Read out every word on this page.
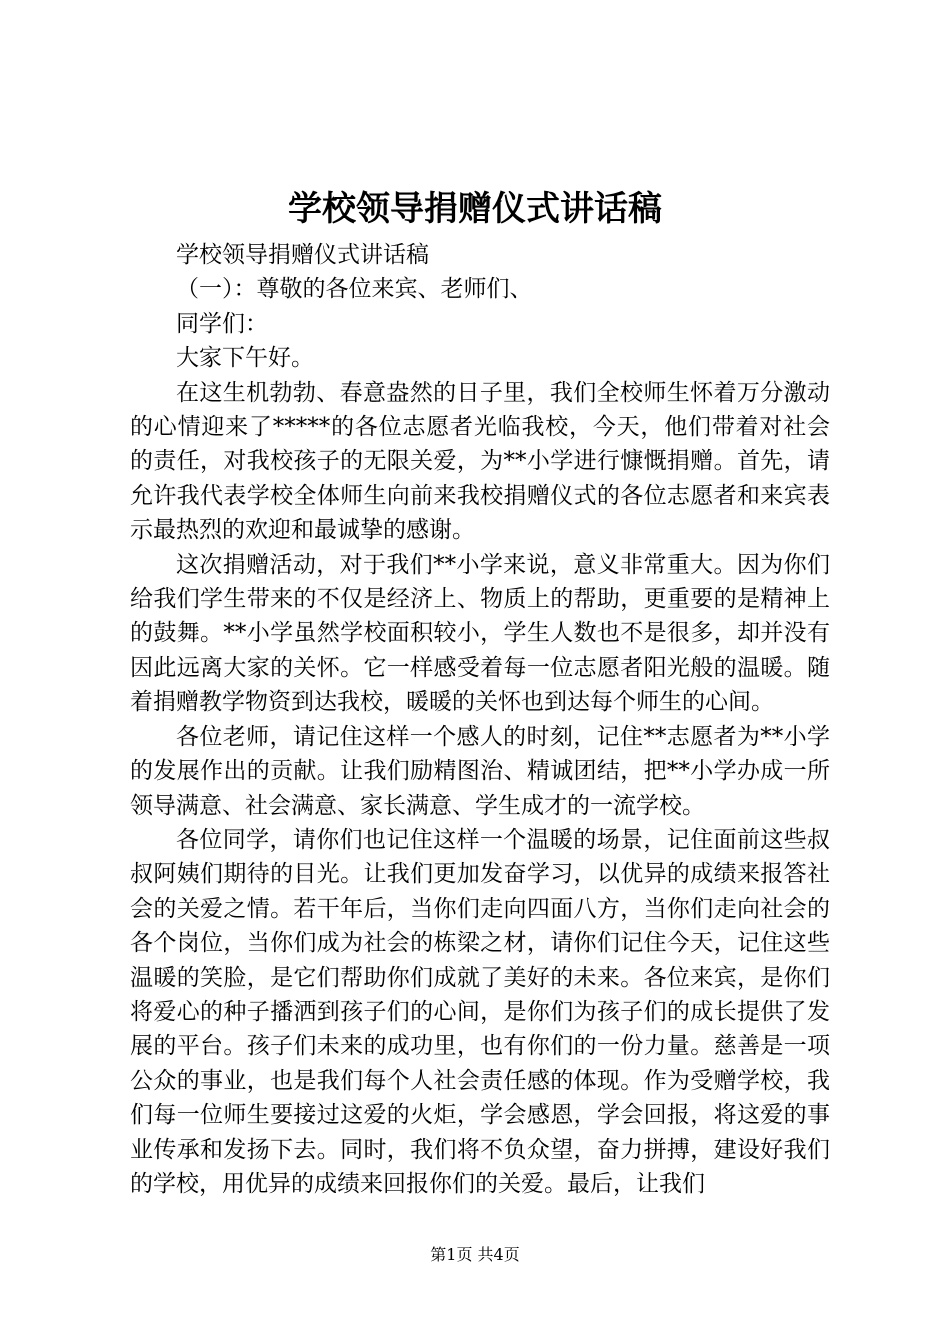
学校领导捐赠仪式讲话稿

学校领导捐赠仪式讲话稿

（一）：尊敬的各位来宾、老师们、

同学们：

大家下午好。

在这生机勃勃、春意盎然的日子里，我们全校师生怀着万分激动的心情迎来了*****的各位志愿者光临我校，今天，他们带着对社会的责任，对我校孩子的无限关爱，为**小学进行慷慨捐赠。首先，请允许我代表学校全体师生向前来我校捐赠仪式的各位志愿者和来宾表示最热烈的欢迎和最诚挚的感谢。

这次捐赠活动，对于我们**小学来说，意义非常重大。因为你们给我们学生带来的不仅是经济上、物质上的帮助，更重要的是精神上的鼓舞。**小学虽然学校面积较小，学生人数也不是很多，却并没有因此远离大家的关怀。它一样感受着每一位志愿者阳光般的温暖。随着捐赠教学物资到达我校，暖暖的关怀也到达每个师生的心间。

各位老师，请记住这样一个感人的时刻，记住**志愿者为**小学的发展作出的贡献。让我们励精图治、精诚团结，把**小学办成一所领导满意、社会满意、家长满意、学生成才的一流学校。

各位同学，请你们也记住这样一个温暖的场景，记住面前这些叔叔阿姨们期待的目光。让我们更加发奋学习，以优异的成绩来报答社会的关爱之情。若干年后，当你们走向四面八方，当你们走向社会的各个岗位，当你们成为社会的栋梁之材，请你们记住今天，记住这些温暖的笑脸，是它们帮助你们成就了美好的未来。各位来宾，是你们将爱心的种子播洒到孩子们的心间，是你们为孩子们的成长提供了发展的平台。孩子们未来的成功里，也有你们的一份力量。慈善是一项公众的事业，也是我们每个人社会责任感的体现。作为受赠学校，我们每一位师生要接过这爱的火炬，学会感恩，学会回报，将这爱的事业传承和发扬下去。同时，我们将不负众望，奋力拼搏，建设好我们的学校，用优异的成绩来回报你们的关爱。最后，让我们

第1页 共4页
